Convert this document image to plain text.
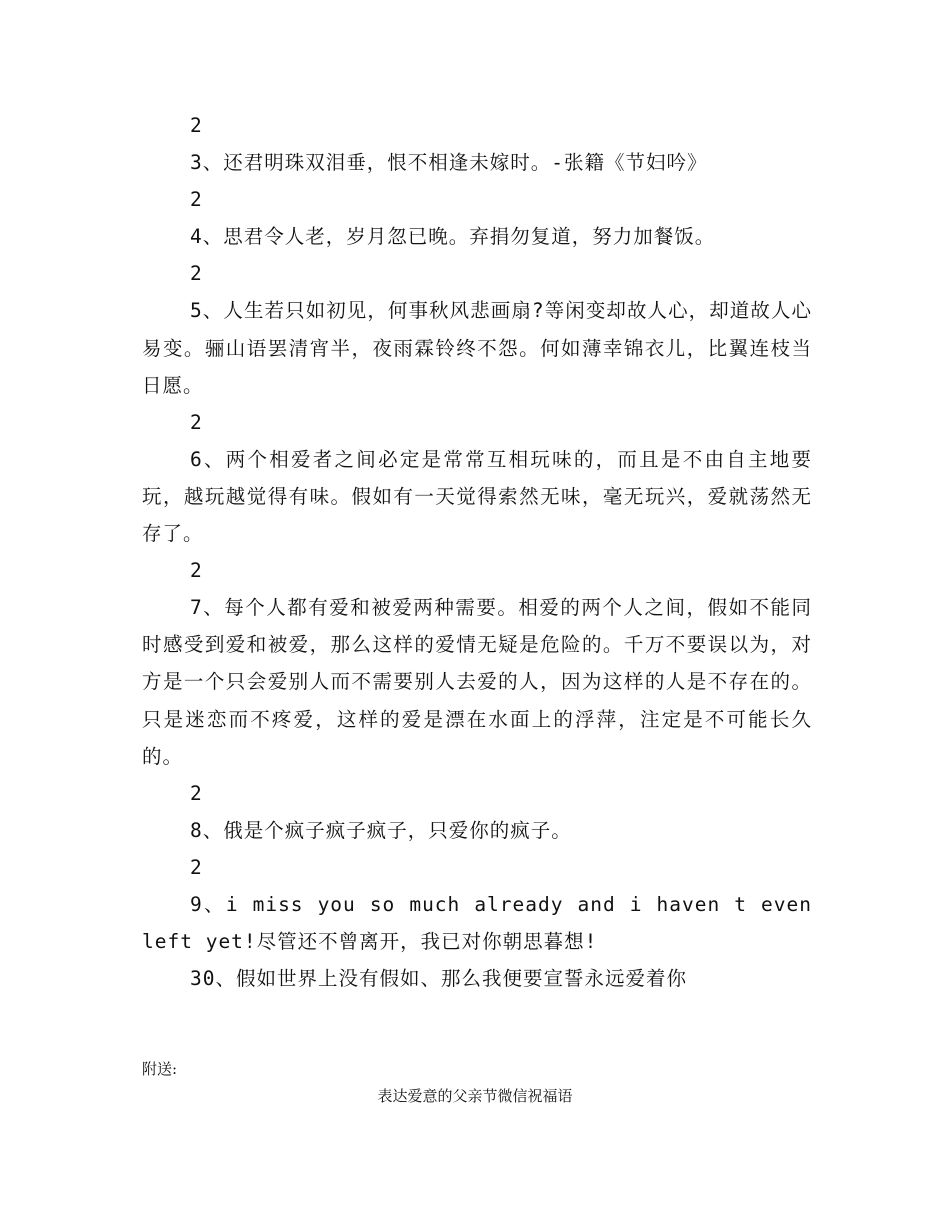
2

3、还君明珠双泪垂，恨不相逢未嫁时。-张籍《节妇吟》

2

4、思君令人老，岁月忽已晚。弃捐勿复道，努力加餐饭。

2

5、人生若只如初见，何事秋风悲画扇?等闲变却故人心，却道故人心易变。骊山语罢清宵半，夜雨霖铃终不怨。何如薄幸锦衣儿，比翼连枝当日愿。

2

6、两个相爱者之间必定是常常互相玩味的，而且是不由自主地要玩，越玩越觉得有味。假如有一天觉得索然无味，毫无玩兴，爱就荡然无存了。

2

7、每个人都有爱和被爱两种需要。相爱的两个人之间，假如不能同时感受到爱和被爱，那么这样的爱情无疑是危险的。千万不要误以为，对方是一个只会爱别人而不需要别人去爱的人，因为这样的人是不存在的。只是迷恋而不疼爱，这样的爱是漂在水面上的浮萍，注定是不可能长久的。

2

8、俄是个疯子疯子疯子，只爱你的疯子。

2

9、i miss you so much already and i haven t even left yet!尽管还不曾离开，我已对你朝思暮想!

30、假如世界上没有假如、那么我便要宣誓永远爱着你

附送:
表达爱意的父亲节微信祝福语
